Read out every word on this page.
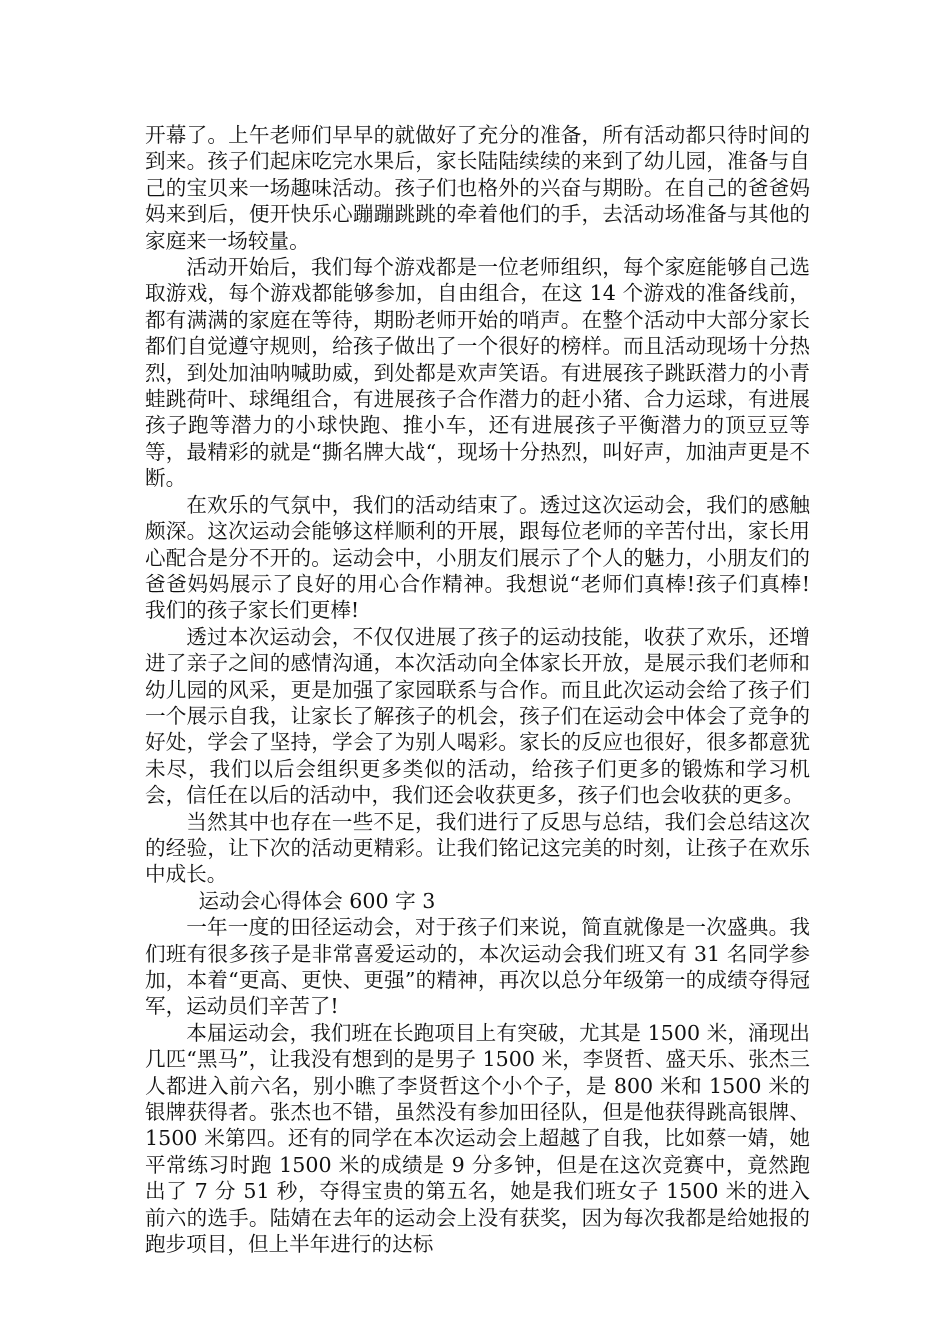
开幕了。上午老师们早早的就做好了充分的准备，所有活动都只待时间的到来。孩子们起床吃完水果后，家长陆陆续续的来到了幼儿园，准备与自己的宝贝来一场趣味活动。孩子们也格外的兴奋与期盼。在自己的爸爸妈妈来到后，便开快乐心蹦蹦跳跳的牵着他们的手，去活动场准备与其他的家庭来一场较量。

活动开始后，我们每个游戏都是一位老师组织，每个家庭能够自己选取游戏，每个游戏都能够参加，自由组合，在这 14 个游戏的准备线前，都有满满的家庭在等待，期盼老师开始的哨声。在整个活动中大部分家长都们自觉遵守规则，给孩子做出了一个很好的榜样。而且活动现场十分热烈，到处加油呐喊助威，到处都是欢声笑语。有进展孩子跳跃潜力的小青蛙跳荷叶、球绳组合，有进展孩子合作潜力的赶小猪、合力运球，有进展孩子跑等潜力的小球快跑、推小车，还有进展孩子平衡潜力的顶豆豆等等，最精彩的就是“撕名牌大战“，现场十分热烈，叫好声，加油声更是不断。

在欢乐的气氛中，我们的活动结束了。透过这次运动会，我们的感触颇深。这次运动会能够这样顺利的开展，跟每位老师的辛苦付出，家长用心配合是分不开的。运动会中，小朋友们展示了个人的魅力，小朋友们的爸爸妈妈展示了良好的用心合作精神。我想说“老师们真棒!孩子们真棒!我们的孩子家长们更棒!

透过本次运动会，不仅仅进展了孩子的运动技能，收获了欢乐，还增进了亲子之间的感情沟通，本次活动向全体家长开放，是展示我们老师和幼儿园的风采，更是加强了家园联系与合作。而且此次运动会给了孩子们一个展示自我，让家长了解孩子的机会，孩子们在运动会中体会了竞争的好处，学会了坚持，学会了为别人喝彩。家长的反应也很好，很多都意犹未尽，我们以后会组织更多类似的活动，给孩子们更多的锻炼和学习机会，信任在以后的活动中，我们还会收获更多，孩子们也会收获的更多。

当然其中也存在一些不足，我们进行了反思与总结，我们会总结这次的经验，让下次的活动更精彩。让我们铭记这完美的时刻，让孩子在欢乐中成长。

运动会心得体会 600 字 3

一年一度的田径运动会，对于孩子们来说，简直就像是一次盛典。我们班有很多孩子是非常喜爱运动的，本次运动会我们班又有 31 名同学参加，本着“更高、更快、更强”的精神，再次以总分年级第一的成绩夺得冠军，运动员们辛苦了!

本届运动会，我们班在长跑项目上有突破，尤其是 1500 米，涌现出几匹“黑马”，让我没有想到的是男子 1500 米，李贤哲、盛天乐、张杰三人都进入前六名，别小瞧了李贤哲这个小个子，是 800 米和 1500 米的银牌获得者。张杰也不错，虽然没有参加田径队，但是他获得跳高银牌、1500 米第四。还有的同学在本次运动会上超越了自我，比如蔡一婧，她平常练习时跑 1500 米的成绩是 9 分多钟，但是在这次竞赛中，竟然跑出了 7 分 51 秒，夺得宝贵的第五名，她是我们班女子 1500 米的进入前六的选手。陆婧在去年的运动会上没有获奖，因为每次我都是给她报的跑步项目，但上半年进行的达标
